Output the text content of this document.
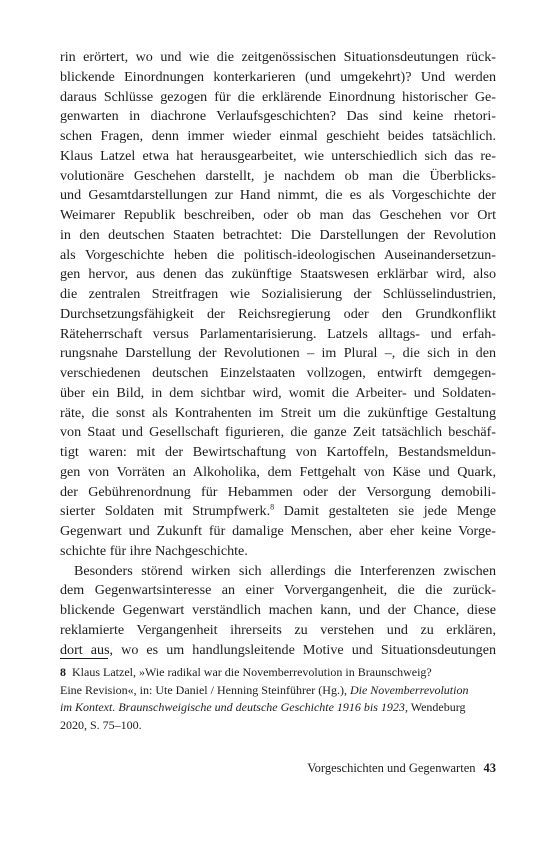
rin erörtert, wo und wie die zeitgenössischen Situationsdeutungen rück-
blickende Einordnungen konterkarieren (und umgekehrt)? Und werden
daraus Schlüsse gezogen für die erklärende Einordnung historischer Ge-
genwarten in diachrone Verlaufsgeschichten? Das sind keine rhetori-
schen Fragen, denn immer wieder einmal geschieht beides tatsächlich.
Klaus Latzel etwa hat herausgearbeitet, wie unterschiedlich sich das re-
volutionäre Geschehen darstellt, je nachdem ob man die Überblicks-
und Gesamtdarstellungen zur Hand nimmt, die es als Vorgeschichte der
Weimarer Republik beschreiben, oder ob man das Geschehen vor Ort
in den deutschen Staaten betrachtet: Die Darstellungen der Revolution
als Vorgeschichte heben die politisch-ideologischen Auseinandersetzun-
gen hervor, aus denen das zukünftige Staatswesen erklärbar wird, also
die zentralen Streitfragen wie Sozialisierung der Schlüsselindustrien,
Durchsetzungsfähigkeit der Reichsregierung oder den Grundkonflikt
Räteherrschaft versus Parlamentarisierung. Latzels alltags- und erfah-
rungsnahe Darstellung der Revolutionen – im Plural –, die sich in den
verschiedenen deutschen Einzelstaaten vollzogen, entwirft demgegen-
über ein Bild, in dem sichtbar wird, womit die Arbeiter- und Soldaten-
räte, die sonst als Kontrahenten im Streit um die zukünftige Gestaltung
von Staat und Gesellschaft figurieren, die ganze Zeit tatsächlich beschäf-
tigt waren: mit der Bewirtschaftung von Kartoffeln, Bestandsmeldun-
gen von Vorräten an Alkoholika, dem Fettgehalt von Käse und Quark,
der Gebührenordnung für Hebammen oder der Versorgung demobili-
sierter Soldaten mit Strumpfwerk.$^8$ Damit gestalteten sie jede Menge
Gegenwart und Zukunft für damalige Menschen, aber eher keine Vorge-
schichte für ihre Nachgeschichte.
Besonders störend wirken sich allerdings die Interferenzen zwischen
dem Gegenwartsinteresse an einer Vorvergangenheit, die die zurück-
blickende Gegenwart verständlich machen kann, und der Chance, diese
reklamierte Vergangenheit ihrerseits zu verstehen und zu erklären,
dort aus, wo es um handlungsleitende Motive und Situationsdeutungen
8 Klaus Latzel, »Wie radikal war die Novemberrevolution in Braunschweig?
Eine Revision«, in: Ute Daniel / Henning Steinführer (Hg.), Die Novemberrevolution
im Kontext. Braunschweigische und deutsche Geschichte 1916 bis 1923, Wendeburg
2020, S. 75–100.
Vorgeschichten und Gegenwarten 43
